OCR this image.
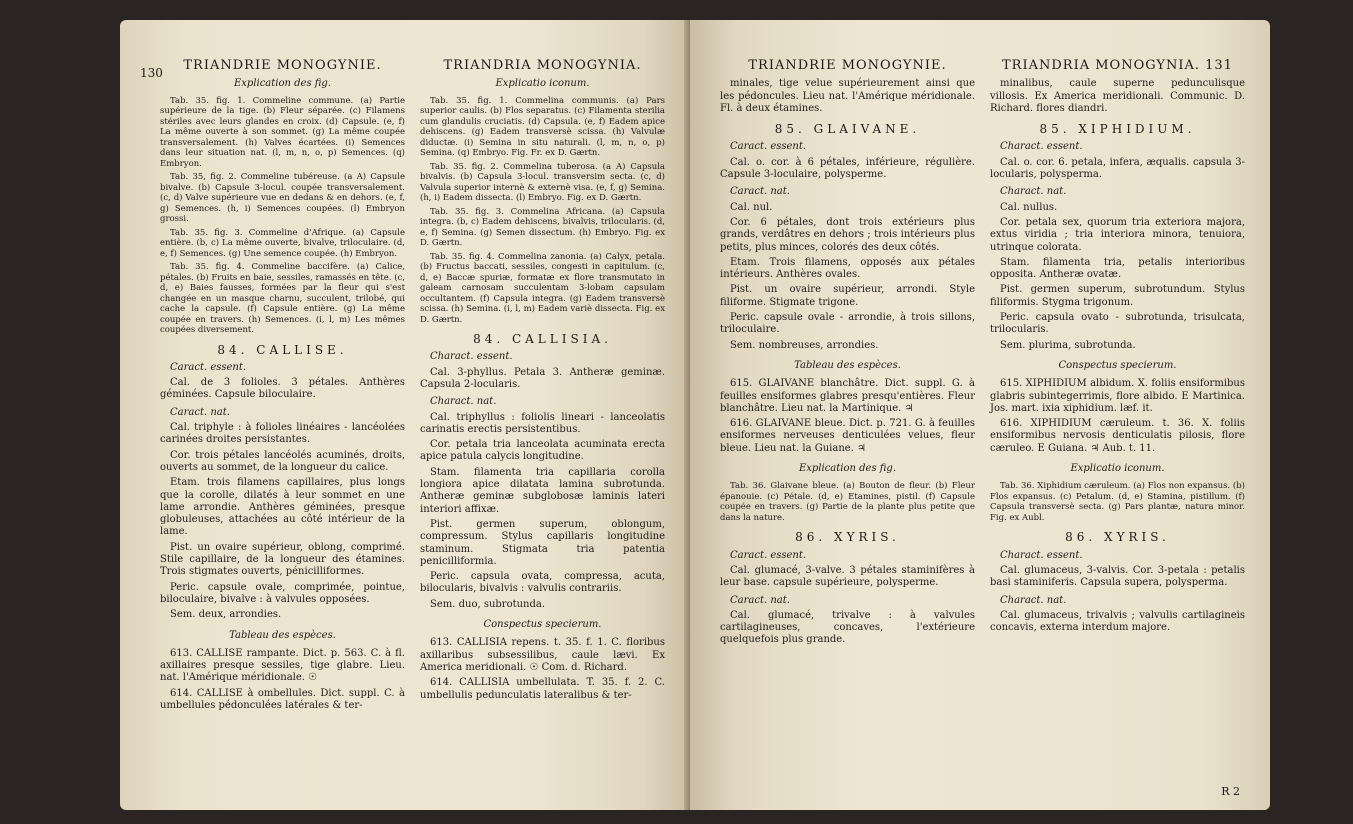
130	TRIANDRIE MONOGYNIE.
Explication des fig.

Tab. 35. fig. 1. Commeline commune. (a) Partie supérieure de la tige. (b) Fleur séparée. (c) Filamens stériles avec leurs glandes en croix. (d) Capsule. (e, f) La même ouverte à son sommet. (g) La même coupée transversalement. (h) Valves écartées. (i) Semences dans leur situation nat. (l, m, n, o, p) Semences. (q) Embryon.

Tab. 35, fig. 2. Commeline tubéreuse. (a A) Capsule bivalve. (b) Capsule 3-locul. coupée transversalement. (c, d) Valve supérieure vue en dedans & en dehors. (e, f, g) Semences. (h, i) Semences coupées. (l) Embryon grossi.

Tab. 35. fig. 3. Commeline d'Afrique. (a) Capsule entière. (b, c) La même ouverte, bivalve, triloculaire. (d, e, f) Semences. (g) Une semence coupée. (h) Embryon.

Tab. 35. fig. 4. Commeline baccifère. (a) Calice, pétales. (b) Fruits en baie, sessiles, ramassés en tête. (c, d, e) Baies fausses, formées par la fleur qui s'est changée en un masque charnu, succulent, trilobé, qui cache la capsule. (f) Capsule entière. (g) La même coupée en travers. (h) Semences. (i, l, m) Les mêmes coupées diversement.

84. CALLISE.
Caract. essent.

Cal. de 3 folioles. 3 pétales. Anthères géminées. Capsule biloculaire.

Caract. nat.

Cal. triphyle : à folioles linéaires - lancéolées carinées droites persistantes.

Cor. trois pétales lancéolés acuminés, droits, ouverts au sommet, de la longueur du calice.

Etam. trois filamens capillaires, plus longs que la corolle, dilatés à leur sommet en une lame arrondie. Anthères géminées, presque globuleuses, attachées au côté intérieur de la lame.

Pist. un ovaire supérieur, oblong, comprimé. Stile capillaire, de la longueur des étamines. Trois stigmates ouverts, pénicilliformes.

Peric. capsule ovale, comprimée, pointue, biloculaire, bivalve : à valvules opposées.

Sem. deux, arrondies.

Tableau des espèces.

613. CALLISE rampante. Dict. p. 563. C. à fl. axillaires presque sessiles, tige glabre. Lieu. nat. l'Amérique méridionale. ☉

614. CALLISE à ombellules. Dict. suppl. C. à umbellules pédonculées latérales & ter-

TRIANDRIA MONOGYNIA.
Explicatio iconum.

Tab. 35. fig. 1. Commelina communis. (a) Pars superior caulis. (b) Flos separatus. (c) Filamenta sterilia cum glandulis cruciatis. (d) Capsula. (e, f) Eadem apice dehiscens. (g) Eadem transversè scissa. (h) Valvulæ diductæ. (i) Semina in situ naturali. (l, m, n, o, p) Semina. (q) Embryo. Fig. Fr. ex D. Gærtn.

Tab. 35. fig. 2. Commelina tuberosa. (a A) Capsula bivalvis. (b) Capsula 3-locul. transversim secta. (c, d) Valvula superior internè & externè visa. (e, f, g) Semina. (h, i) Eadem dissecta. (l) Embryo. Fig. ex D. Gærtn.

Tab. 35. fig. 3. Commelina Africana. (a) Capsula integra. (b, c) Eadem dehiscens, bivalvis, trilocularis. (d, e, f) Semina. (g) Semen dissectum. (h) Embryo. Fig. ex D. Gærtn.

Tab. 35. fig. 4. Commelina zanonia. (a) Calyx, petala. (b) Fructus baccati, sessiles, congesti in capitulum. (c, d, e) Baccæ spuriæ, formatæ ex flore transmutato in galeam carnosam succulentam 3-lobam capsulam occultantem. (f) Capsula integra. (g) Eadem transversè scissa. (h) Semina. (i, l, m) Eadem variè dissecta. Fig. ex D. Gærtn.

84. CALLISIA.
Charact. essent.

Cal. 3-phyllus. Petala 3. Antheræ geminæ. Capsula 2-locularis.

Charact. nat.

Cal. triphyllus : foliolis lineari - lanceolatis carinatis erectis persistentibus.

Cor. petala tria lanceolata acuminata erecta apice patula calycis longitudine.

Stam. filamenta tria capillaria corolla longiora apice dilatata lamina subrotunda. Antheræ geminæ subglobosæ laminis lateri interiori affixæ.

Pist. germen superum, oblongum, compressum. Stylus capillaris longitudine staminum. Stigmata tria patentia penicilliformia.

Peric. capsula ovata, compressa, acuta, bilocularis, bivalvis : valvulis contrariis.

Sem. duo, subrotunda.

Conspectus specierum.

613. CALLISIA repens. t. 35. f. 1. C. floribus axillaribus subsessilibus, caule lævi. Ex America meridionali. ☉ Com. d. Richard.

614. CALLISIA umbellulata. T. 35. f. 2. C. umbellulis pedunculatis lateralibus & ter-

TRIANDRIE MONOGYNIE.

minales, tige velue supérieurement ainsi que les pédoncules. Lieu nat. l'Amérique méridionale. Fl. à deux étamines.

85. GLAIVANE.
Caract. essent.

Cal. o. cor. à 6 pétales, inférieure, régulière. Capsule 3-loculaire, polysperme.

Caract. nat.

Cal. nul.

Cor. 6 pétales, dont trois extérieurs plus grands, verdâtres en dehors ; trois intérieurs plus petits, plus minces, colorés des deux côtés.

Etam. Trois filamens, opposés aux pétales intérieurs. Anthères ovales.

Pist. un ovaire supérieur, arrondi. Style filiforme. Stigmate trigone.

Peric. capsule ovale - arrondie, à trois sillons, triloculaire.

Sem. nombreuses, arrondies.

Tableau des espèces.

615. GLAIVANE blanchâtre. Dict. suppl. G. à feuilles ensiformes glabres presqu'entières. Fleur blanchâtre. Lieu nat. la Martinique. ♃

616. GLAIVANE bleue. Dict. p. 721. G. à feuilles ensiformes nerveuses denticulées velues, fleur bleue. Lieu nat. la Guiane. ♃

Explication des fig.

Tab. 36. Glaivane bleue. (a) Bouton de fleur. (b) Fleur épanouie. (c) Pétale. (d, e) Etamines, pistil. (f) Capsule coupée en travers. (g) Partie de la plante plus petite que dans la nature.

86. XYRIS.
Caract. essent.

Cal. glumacé, 3-valve. 3 pétales staminifères à leur base. capsule supérieure, polysperme.

Caract. nat.

Cal. glumacé, trivalve : à valvules cartilagineuses, concaves, l'extérieure quelquefois plus grande.

TRIANDRIA MONOGYNIA. 131

minalibus, caule superne pedunculisque villosis. Ex America meridionali. Communic. D. Richard. flores diandri.

85. XIPHIDIUM.
Charact. essent.

Cal. o. cor. 6. petala, infera, æqualis. capsula 3-locularis, polysperma.

Charact. nat.

Cal. nullus.

Cor. petala sex, quorum tria exteriora majora, extus viridia ; tria interiora minora, tenuiora, utrinque colorata.

Stam. filamenta tria, petalis interioribus opposita. Antheræ ovatæ.

Pist. germen superum, subrotundum. Stylus filiformis. Stygma trigonum.

Peric. capsula ovato - subrotunda, trisulcata, trilocularis.

Sem. plurima, subrotunda.

Conspectus specierum.

615. XIPHIDIUM albidum. X. foliis ensiformibus glabris subintegerrimis, flore albido. E Martinica. Jos. mart. ixia xiphidium. læf. it.

616. XIPHIDIUM cæruleum. t. 36. X. foliis ensiformibus nervosis denticulatis pilosis, flore cæruleo. E Guiana. ♃ Aub. t. 11.

Explicatio iconum.

Tab. 36. Xiphidium cæruleum. (a) Flos non expansus. (b) Flos expansus. (c) Petalum. (d, e) Stamina, pistillum. (f) Capsula transversè secta. (g) Pars plantæ, natura minor. Fig. ex Aubl.

86. XYRIS.
Charact. essent.

Cal. glumaceus, 3-valvis. Cor. 3-petala : petalis basi staminiferis. Capsula supera, polysperma.

Charact. nat.

Cal. glumaceus, trivalvis ; valvulis cartilagineis concavis, externa interdum majore.

R 2
